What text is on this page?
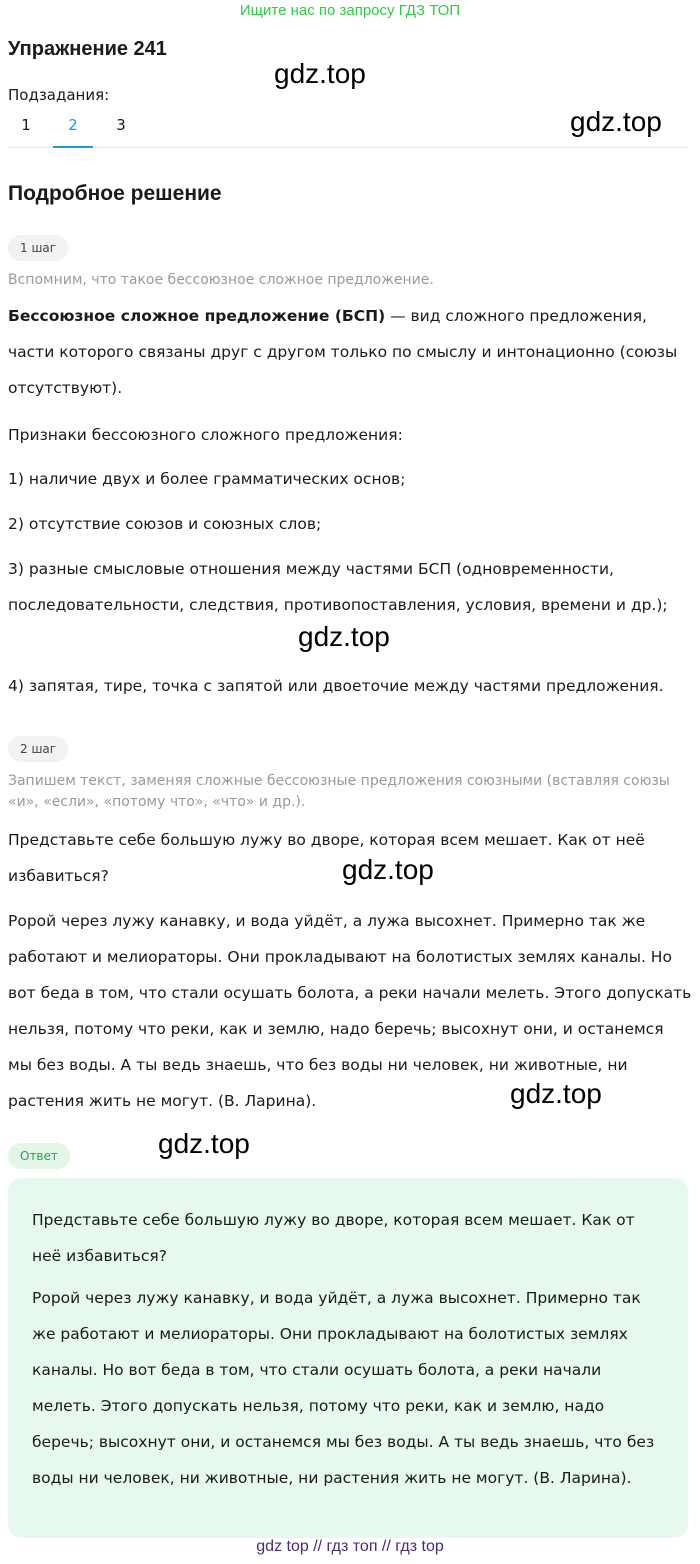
Ищите нас по запросу ГДЗ ТОП
Упражнение 241
gdz.top
Подзадания:
1	2	3	gdz.top
Подробное решение
1 шаг
Вспомним, что такое бессоюзное сложное предложение.
Бессоюзное сложное предложение (БСП) — вид сложного предложения, части которого связаны друг с другом только по смыслу и интонационно (союзы отсутствуют).
Признаки бессоюзного сложного предложения:
1) наличие двух и более грамматических основ;
2) отсутствие союзов и союзных слов;
3) разные смысловые отношения между частями БСП (одновременности, последовательности, следствия, противопоставления, условия, времени и др.);
gdz.top
4) запятая, тире, точка с запятой или двоеточие между частями предложения.
2 шаг
Запишем текст, заменяя сложные бессоюзные предложения союзными (вставляя союзы «и», «если», «потому что», «что» и др.).
Представьте себе большую лужу во дворе, которая всем мешает. Как от неё избавиться?	gdz.top
Ророй через лужу канавку, и вода уйдёт, а лужа высохнет. Примерно так же работают и мелиораторы. Они прокладывают на болотистых землях каналы. Но вот беда в том, что стали осушать болота, а реки начали мелеть. Этого допускать нельзя, потому что реки, как и землю, надо беречь; высохнут они, и останемся мы без воды. А ты ведь знаешь, что без воды ни человек, ни животные, ни растения жить не могут. (В. Ларина).	gdz.top
gdz.top
Ответ
Представьте себе большую лужу во дворе, которая всем мешает. Как от неё избавиться?
Ророй через лужу канавку, и вода уйдёт, а лужа высохнет. Примерно так же работают и мелиораторы. Они прокладывают на болотистых землях каналы. Но вот беда в том, что стали осушать болота, а реки начали мелеть. Этого допускать нельзя, потому что реки, как и землю, надо беречь; высохнут они, и останемся мы без воды. А ты ведь знаешь, что без воды ни человек, ни животные, ни растения жить не могут. (В. Ларина).
gdz top // гдз топ // гдз top
